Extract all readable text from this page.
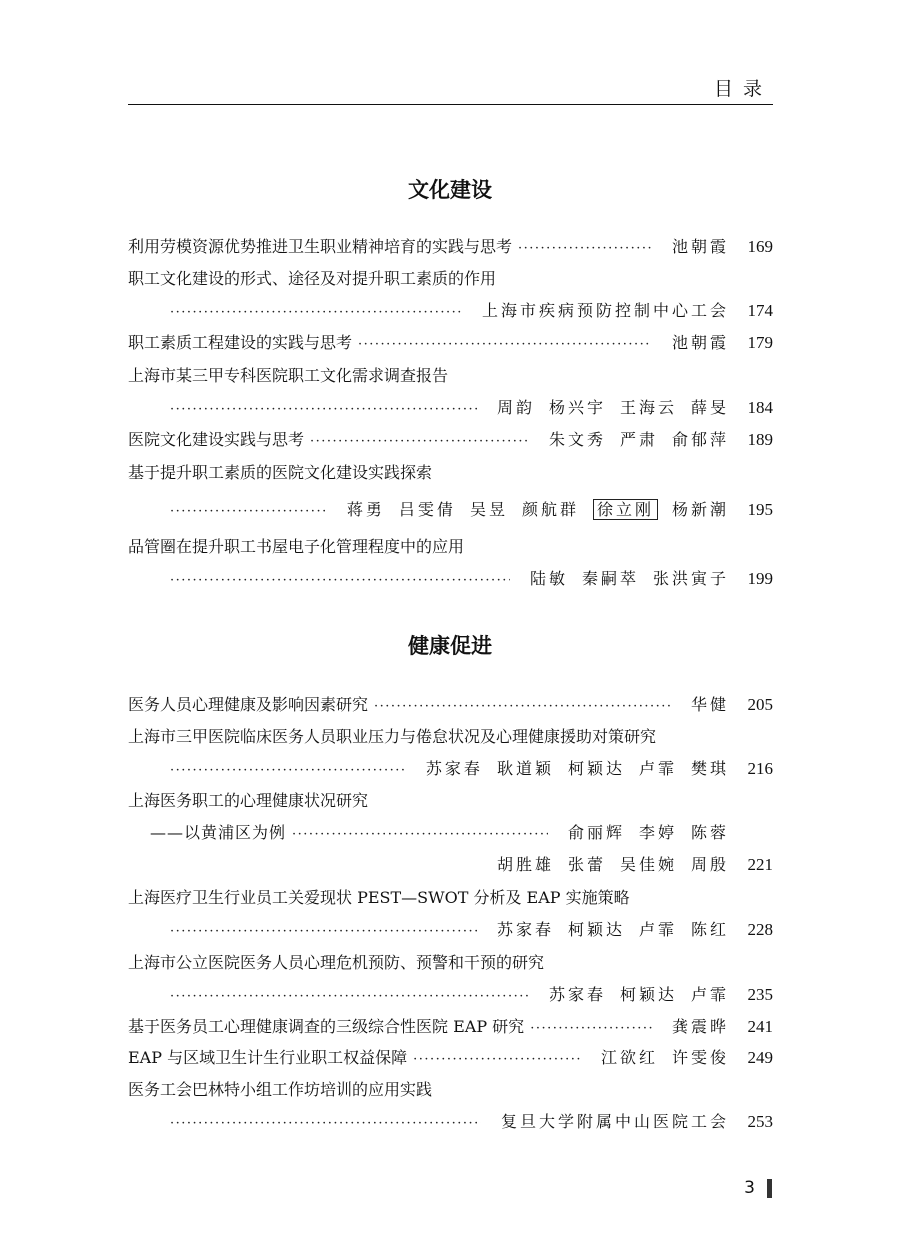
目录
文化建设
利用劳模资源优势推进卫生职业精神培育的实践与思考 ·····	池朝霞	169
职工文化建设的形式、途径及对提升职工素质的作用
·····
上海市疾病预防控制中心工会	174
职工素质工程建设的实践与思考 ·····	池朝霞	179
上海市某三甲专科医院职工文化需求调查报告
·····
周韵 杨兴宇 王海云 薛旻	184
医院文化建设实践与思考 ·····	朱文秀 严肃 俞郁萍	189
基于提升职工素质的医院文化建设实践探索
·····
蒋勇 吕雯倩 吴昱 颜航群 徐立刚 杨新潮	195
品管圈在提升职工书屋电子化管理程度中的应用
·····
陆敏 秦嗣萃 张洪寅子	199
健康促进
医务人员心理健康及影响因素研究 ·····	华健	205
上海市三甲医院临床医务人员职业压力与倦怠状况及心理健康援助对策研究
·····
苏家春 耿道颖 柯颖达 卢霏 樊琪	216
上海医务职工的心理健康状况研究
——以黄浦区为例 ·····	俞丽辉 李婷 陈蓉
胡胜雄 张蕾 吴佳婉 周殷	221
上海医疗卫生行业员工关爱现状 PEST—SWOT 分析及 EAP 实施策略
·····
苏家春 柯颖达 卢霏 陈红	228
上海市公立医院医务人员心理危机预防、预警和干预的研究
·····
苏家春 柯颖达 卢霏	235
基于医务员工心理健康调查的三级综合性医院 EAP 研究 ·····	龚震晔	241
EAP 与区域卫生计生行业职工权益保障 ·····	江欲红 许雯俊	249
医务工会巴林特小组工作坊培训的应用实践
·····
复旦大学附属中山医院工会	253
3
